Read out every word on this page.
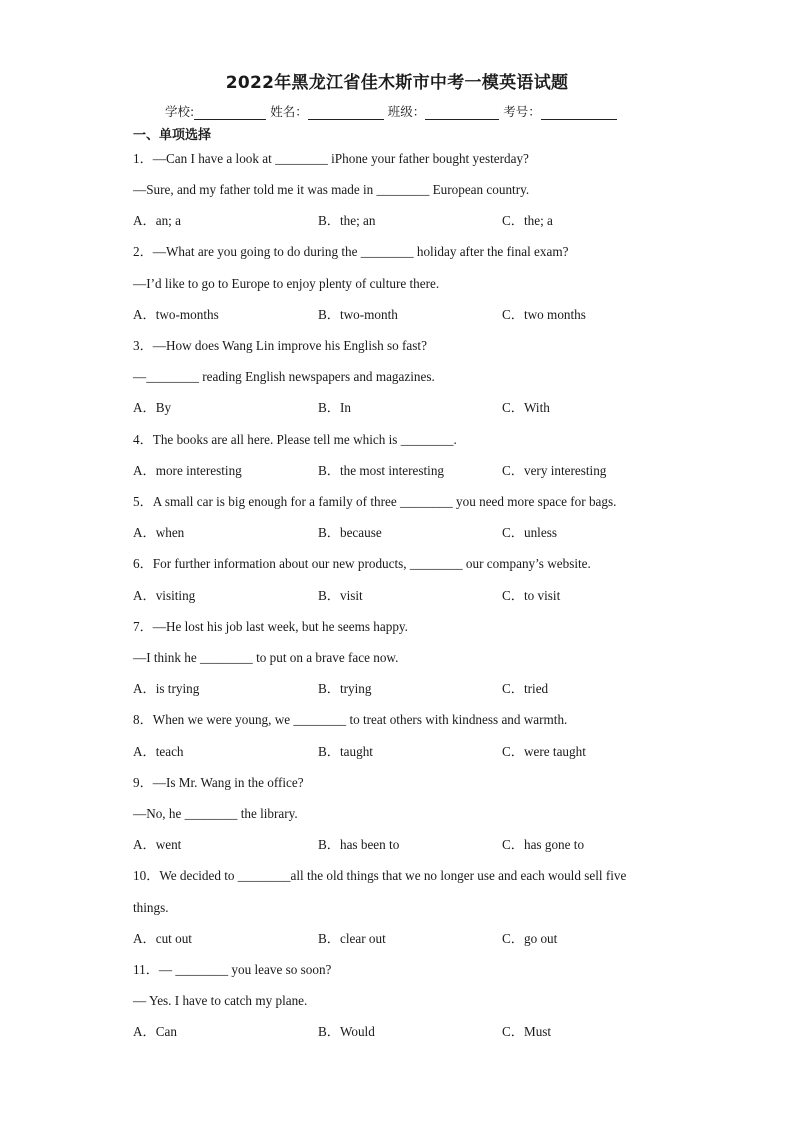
2022年黑龙江省佳木斯市中考一模英语试题
学校:	姓名：	班级：	考号：
一、单项选择
1．—Can I have a look at ________ iPhone your father bought yesterday?
—Sure, and my father told me it was made in ________ European country.
A．an; a	B．the; an	C．the; a
2．—What are you going to do during the ________ holiday after the final exam?
—I’d like to go to Europe to enjoy plenty of culture there.
A．two-months	B．two-month	C．two months
3．—How does Wang Lin improve his English so fast?
—________ reading English newspapers and magazines.
A．By	B．In	C．With
4．The books are all here. Please tell me which is ________.
A．more interesting	B．the most interesting	C．very interesting
5．A small car is big enough for a family of three ________ you need more space for bags.
A．when	B．because	C．unless
6．For further information about our new products, ________ our company’s website.
A．visiting	B．visit	C．to visit
7．—He lost his job last week, but he seems happy.
—I think he ________ to put on a brave face now.
A．is trying	B．trying	C．tried
8．When we were young, we ________ to treat others with kindness and warmth.
A．teach	B．taught	C．were taught
9．—Is Mr. Wang in the office?
—No, he ________ the library.
A．went	B．has been to	C．has gone to
10．We decided to ________all the old things that we no longer use and each would sell five
things.
A．cut out	B．clear out	C．go out
11．— ________ you leave so soon?
— Yes. I have to catch my plane.
A．Can	B．Would	C．Must
